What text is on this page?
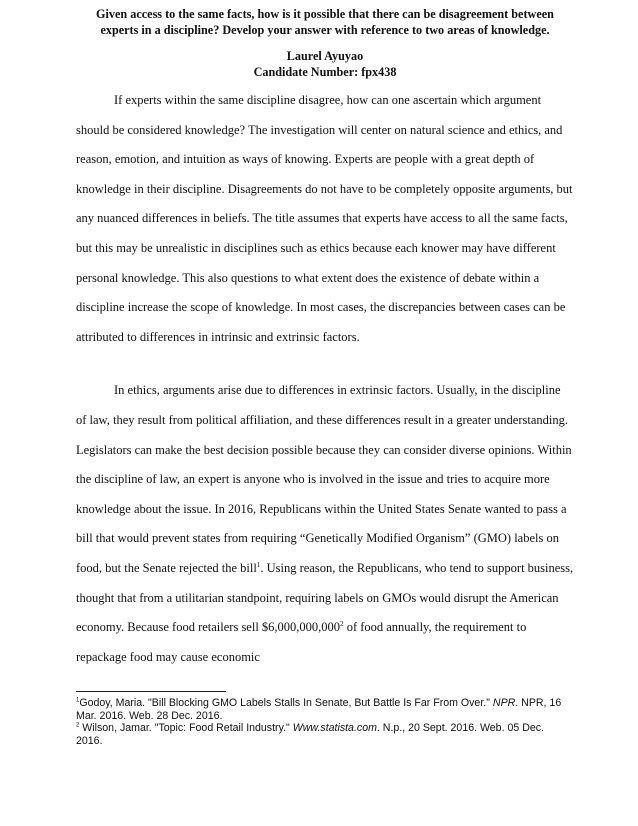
Given access to the same facts, how is it possible that there can be disagreement between
experts in a discipline? Develop your answer with reference to two areas of knowledge.

Laurel Ayuyao
Candidate Number: fpx438

If experts within the same discipline disagree, how can one ascertain which argument should be considered knowledge? The investigation will center on natural science and ethics, and reason, emotion, and intuition as ways of knowing. Experts are people with a great depth of knowledge in their discipline. Disagreements do not have to be completely opposite arguments, but any nuanced differences in beliefs. The title assumes that experts have access to all the same facts, but this may be unrealistic in disciplines such as ethics because each knower may have different personal knowledge. This also questions to what extent does the existence of debate within a discipline increase the scope of knowledge. In most cases, the discrepancies between cases can be attributed to differences in intrinsic and extrinsic factors.

In ethics, arguments arise due to differences in extrinsic factors. Usually, in the discipline of law, they result from political affiliation, and these differences result in a greater understanding. Legislators can make the best decision possible because they can consider diverse opinions. Within the discipline of law, an expert is anyone who is involved in the issue and tries to acquire more knowledge about the issue. In 2016, Republicans within the United States Senate wanted to pass a bill that would prevent states from requiring “Genetically Modified Organism” (GMO) labels on food, but the Senate rejected the bill$^1$. Using reason, the Republicans, who tend to support business, thought that from a utilitarian standpoint, requiring labels on GMOs would disrupt the American economy. Because food retailers sell $6,000,000,000$^2$ of food annually, the requirement to repackage food may cause economic

$^1$Godoy, Maria. "Bill Blocking GMO Labels Stalls In Senate, But Battle Is Far From Over." NPR. NPR, 16 Mar. 2016. Web. 28 Dec. 2016.

$^2$ Wilson, Jamar. "Topic: Food Retail Industry." Www.statista.com. N.p., 20 Sept. 2016. Web. 05 Dec. 2016.
